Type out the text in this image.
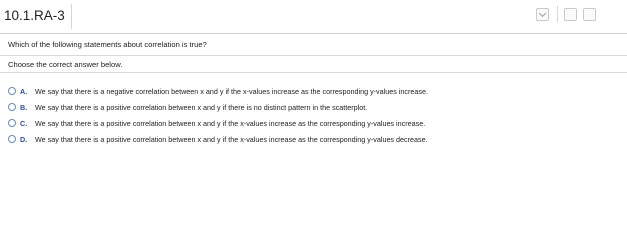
10.1.RA-3
Which of the following statements about correlation is true?
Choose the correct answer below.
A.	We say that there is a negative correlation between x and y if the x-values increase as the corresponding y-values increase.
B.	We say that there is a positive correlation between x and y if there is no distinct pattern in the scatterplot.
C.	We say that there is a positive correlation between x and y if the x-values increase as the corresponding y-values increase.
D.	We say that there is a positive correlation between x and y if the x-values increase as the corresponding y-values decrease.
